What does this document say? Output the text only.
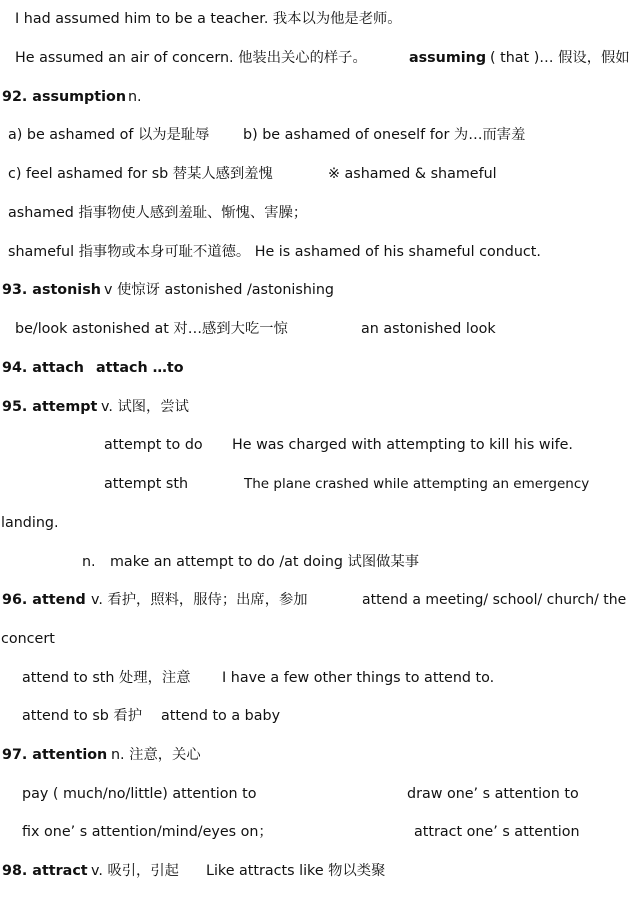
I had assumed him to be a teacher. 我本以为他是老师。
He assumed an air of concern. 他装出关心的样子。	assuming ( that )… 假设，假如
92. assumption n.
a) be ashamed of 以为是耻辱 b) be ashamed of oneself for 为…而害羞
c) feel ashamed for sb 替某人感到羞愧	※ ashamed & shameful
ashamed 指事物使人感到羞耻、惭愧、害臊；
shameful 指事物或本身可耻不道德。 He is ashamed of his shameful conduct.
93. astonish v 使惊讶 astonished /astonishing
be/look astonished at 对…感到大吃一惊	an astonished look
94. attach attach …to
95. attempt v. 试图，尝试
attempt to do He was charged with attempting to kill his wife.
attempt sth	The plane crashed while attempting an emergency
landing.
n. make an attempt to do /at doing 试图做某事
96. attend v. 看护，照料，服侍；出席，参加	attend a meeting/ school/ church/ the
concert
attend to sth 处理，注意 I have a few other things to attend to.
attend to sb 看护 attend to a baby
97. attention n. 注意，关心
pay ( much/no/little) attention to	draw one’ s attention to
fix one’ s attention/mind/eyes on；	attract one’ s attention
98. attract v. 吸引，引起 Like attracts like 物以类聚
